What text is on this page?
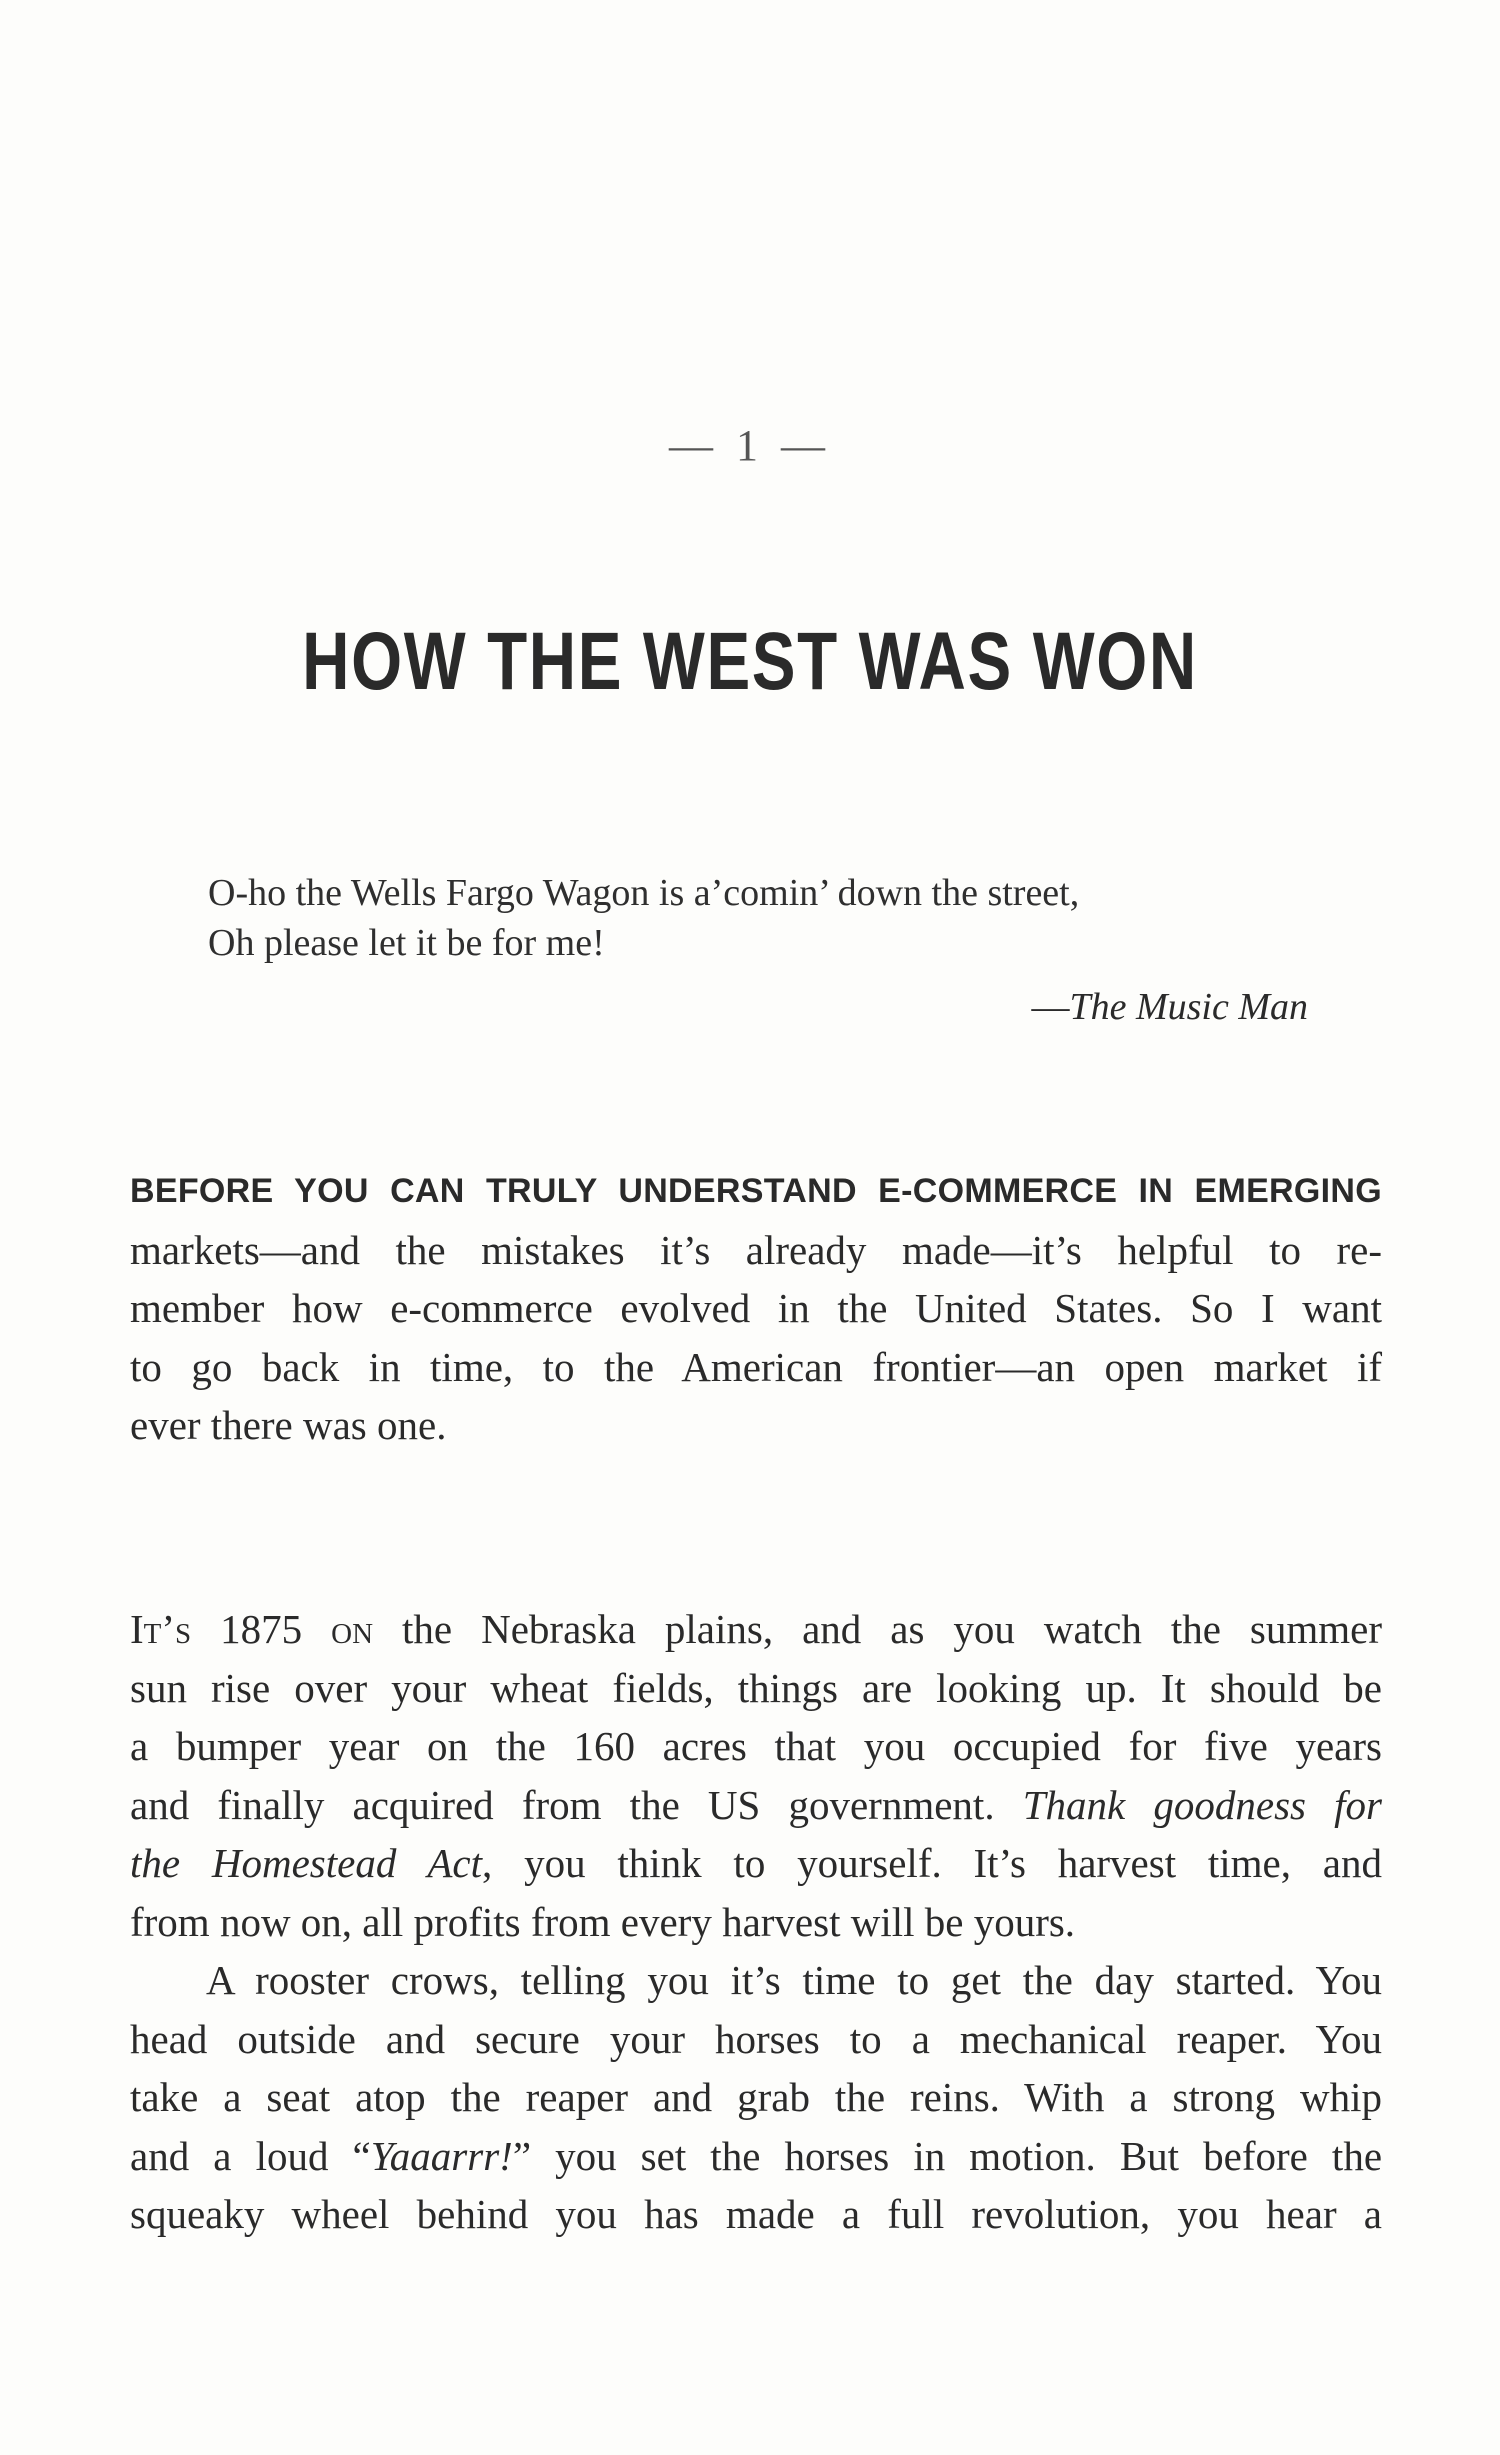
— 1 —
HOW THE WEST WAS WON
O-ho the Wells Fargo Wagon is a’comin’ down the street,
Oh please let it be for me!
—The Music Man
BEFORE YOU CAN TRULY UNDERSTAND E-COMMERCE IN EMERGING
markets—and the mistakes it’s already made—it’s helpful to re-
member how e-commerce evolved in the United States. So I want
to go back in time, to the American frontier—an open market if
ever there was one.
It’s 1875 on the Nebraska plains, and as you watch the summer
sun rise over your wheat fields, things are looking up. It should be
a bumper year on the 160 acres that you occupied for five years
and finally acquired from the US government. Thank goodness for
the Homestead Act, you think to yourself. It’s harvest time, and
from now on, all profits from every harvest will be yours.
A rooster crows, telling you it’s time to get the day started. You
head outside and secure your horses to a mechanical reaper. You
take a seat atop the reaper and grab the reins. With a strong whip
and a loud “Yaaarrr!” you set the horses in motion. But before the
squeaky wheel behind you has made a full revolution, you hear a
